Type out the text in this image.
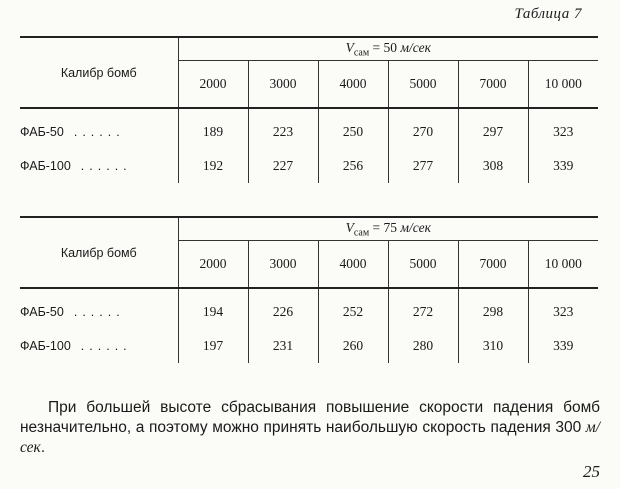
Таблица 7
Калибр бомб	$V_{сам} = 50$ м/сек					
	2000	3000	4000	5000	7000	10 000

ФАБ-50 ......	189	223	250	270	297	323
ФАБ-100 ......	192	227	256	277	308	339
Калибр бомб	$V_{сам} = 75$ м/сек					
	2000	3000	4000	5000	7000	10 000

ФАБ-50 ......	194	226	252	272	298	323
ФАБ-100 ......	197	231	260	280	310	339
При большей высоте сбрасывания повышение скорости падения бомб незначительно, а поэтому можно принять наибольшую скорость падения 300 м/сек.
25
